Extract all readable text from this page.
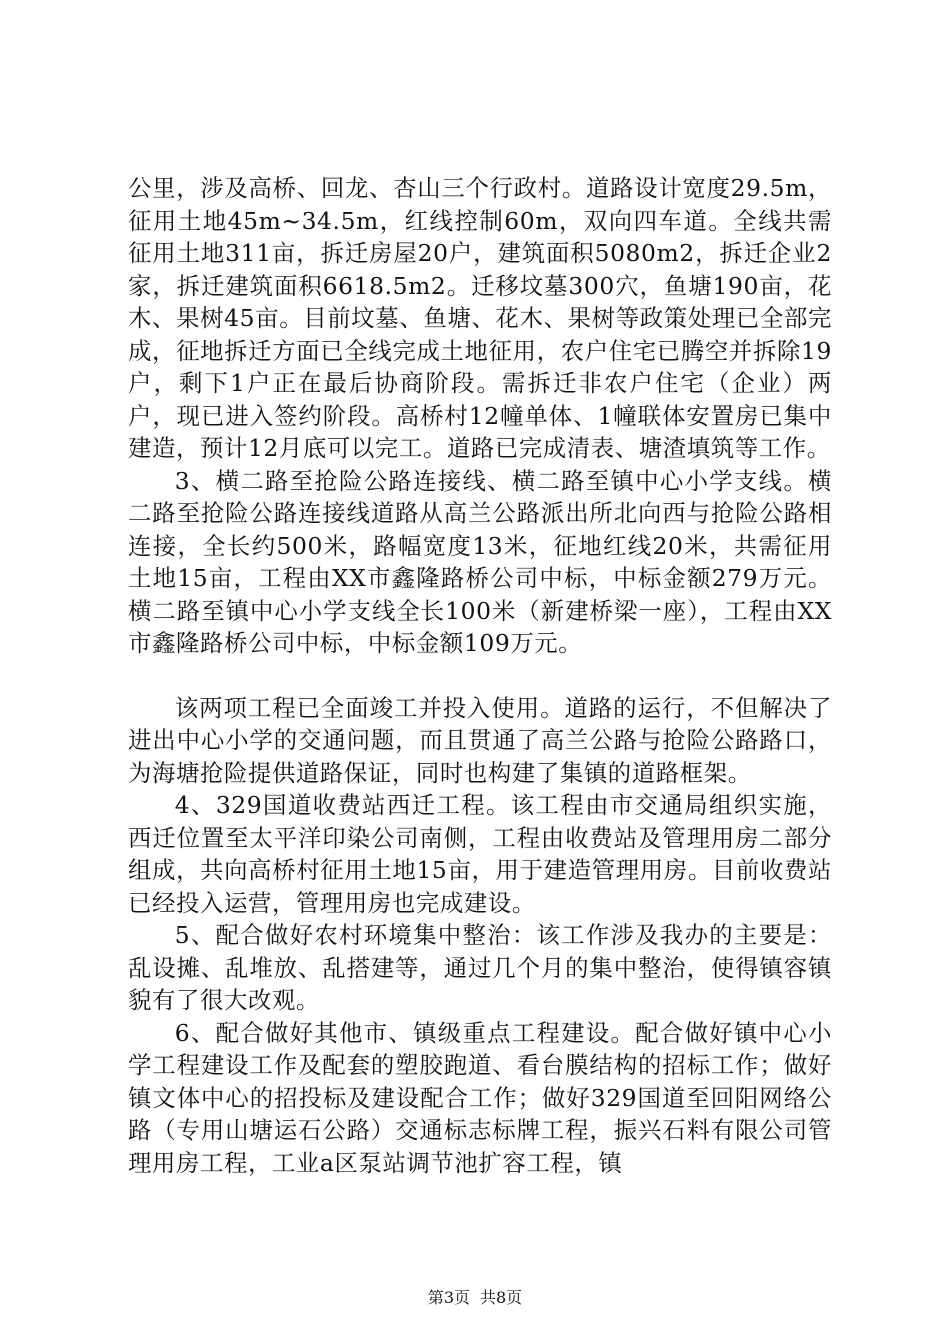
公里，涉及高桥、回龙、杏山三个行政村。道路设计宽度29.5m，征用土地45m~34.5m，红线控制60m，双向四车道。全线共需征用土地311亩，拆迁房屋20户，建筑面积5080m2，拆迁企业2家，拆迁建筑面积6618.5m2。迁移坟墓300穴，鱼塘190亩，花木、果树45亩。目前坟墓、鱼塘、花木、果树等政策处理已全部完成，征地拆迁方面已全线完成土地征用，农户住宅已腾空并拆除19户，剩下1户正在最后协商阶段。需拆迁非农户住宅（企业）两户，现已进入签约阶段。高桥村12幢单体、1幢联体安置房已集中建造，预计12月底可以完工。道路已完成清表、塘渣填筑等工作。

3、横二路至抢险公路连接线、横二路至镇中心小学支线。横二路至抢险公路连接线道路从高兰公路派出所北向西与抢险公路相连接，全长约500米，路幅宽度13米，征地红线20米，共需征用土地15亩，工程由XX市鑫隆路桥公司中标，中标金额279万元。横二路至镇中心小学支线全长100米（新建桥梁一座），工程由XX市鑫隆路桥公司中标，中标金额109万元。

该两项工程已全面竣工并投入使用。道路的运行，不但解决了进出中心小学的交通问题，而且贯通了高兰公路与抢险公路路口，为海塘抢险提供道路保证，同时也构建了集镇的道路框架。

4、329国道收费站西迁工程。该工程由市交通局组织实施，西迁位置至太平洋印染公司南侧，工程由收费站及管理用房二部分组成，共向高桥村征用土地15亩，用于建造管理用房。目前收费站已经投入运营，管理用房也完成建设。

5、配合做好农村环境集中整治：该工作涉及我办的主要是：乱设摊、乱堆放、乱搭建等，通过几个月的集中整治，使得镇容镇貌有了很大改观。

6、配合做好其他市、镇级重点工程建设。配合做好镇中心小学工程建设工作及配套的塑胶跑道、看台膜结构的招标工作；做好镇文体中心的招投标及建设配合工作；做好329国道至回阳网络公路（专用山塘运石公路）交通标志标牌工程，振兴石料有限公司管理用房工程，工业a区泵站调节池扩容工程，镇

第3页 共8页
